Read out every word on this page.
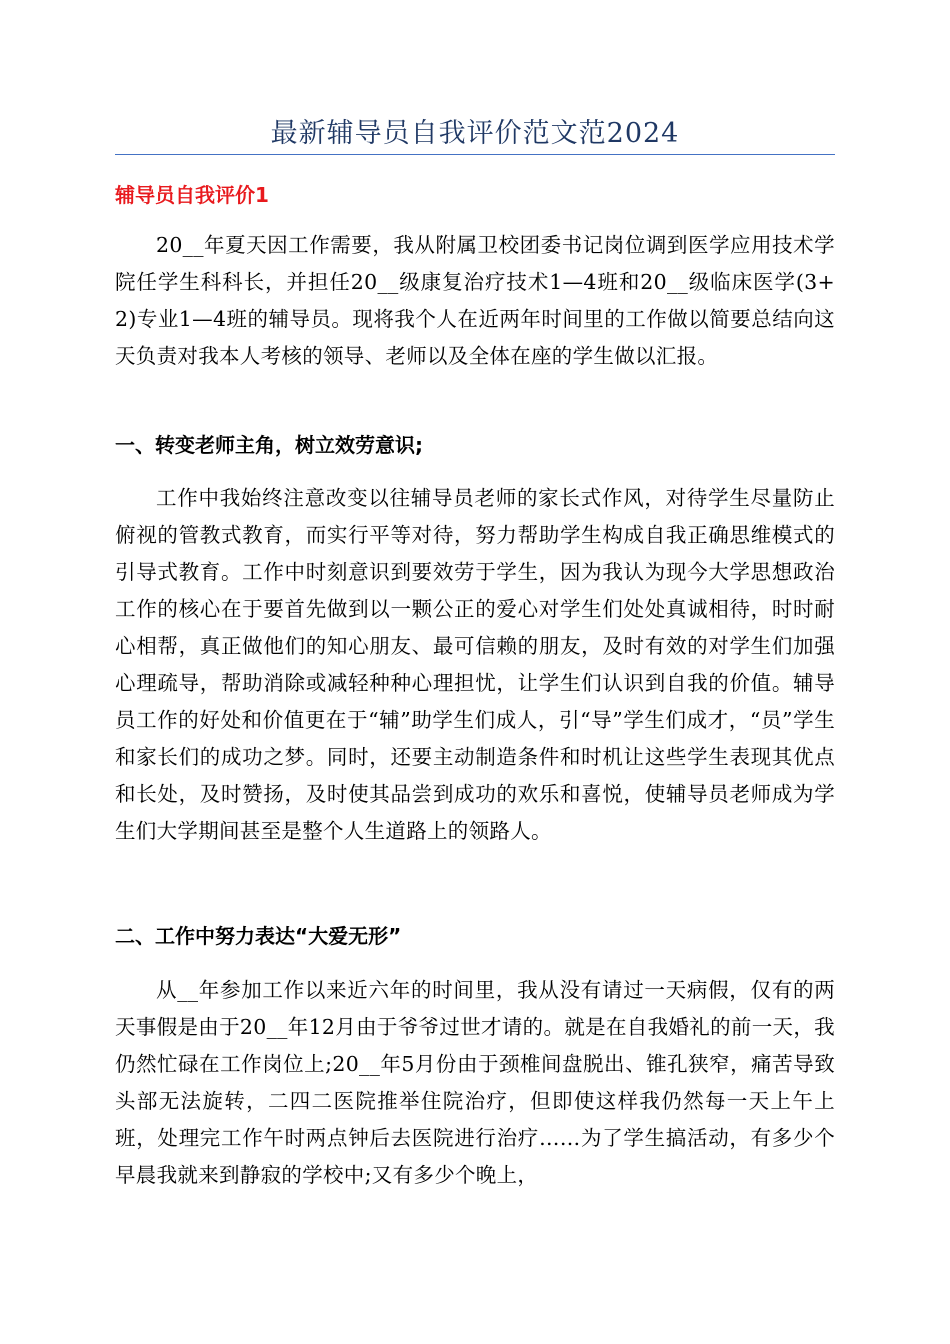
最新辅导员自我评价范文范2024
辅导员自我评价1

20__年夏天因工作需要，我从附属卫校团委书记岗位调到医学应用技术学院任学生科科长，并担任20__级康复治疗技术1—4班和20__级临床医学(3+2)专业1—4班的辅导员。现将我个人在近两年时间里的工作做以简要总结向这天负责对我本人考核的领导、老师以及全体在座的学生做以汇报。

一、转变老师主角，树立效劳意识;

工作中我始终注意改变以往辅导员老师的家长式作风，对待学生尽量防止俯视的管教式教育，而实行平等对待，努力帮助学生构成自我正确思维模式的引导式教育。工作中时刻意识到要效劳于学生，因为我认为现今大学思想政治工作的核心在于要首先做到以一颗公正的爱心对学生们处处真诚相待，时时耐心相帮，真正做他们的知心朋友、最可信赖的朋友，及时有效的对学生们加强心理疏导，帮助消除或减轻种种心理担忧，让学生们认识到自我的价值。辅导员工作的好处和价值更在于“辅”助学生们成人，引“导”学生们成才，“员”学生和家长们的成功之梦。同时，还要主动制造条件和时机让这些学生表现其优点和长处，及时赞扬，及时使其品尝到成功的欢乐和喜悦，使辅导员老师成为学生们大学期间甚至是整个人生道路上的领路人。

二、工作中努力表达“大爱无形”

从__年参加工作以来近六年的时间里，我从没有请过一天病假，仅有的两天事假是由于20__年12月由于爷爷过世才请的。就是在自我婚礼的前一天，我仍然忙碌在工作岗位上;20__年5月份由于颈椎间盘脱出、锥孔狭窄，痛苦导致头部无法旋转，二四二医院推举住院治疗，但即使这样我仍然每一天上午上班，处理完工作午时两点钟后去医院进行治疗……为了学生搞活动，有多少个早晨我就来到静寂的学校中;又有多少个晚上，
